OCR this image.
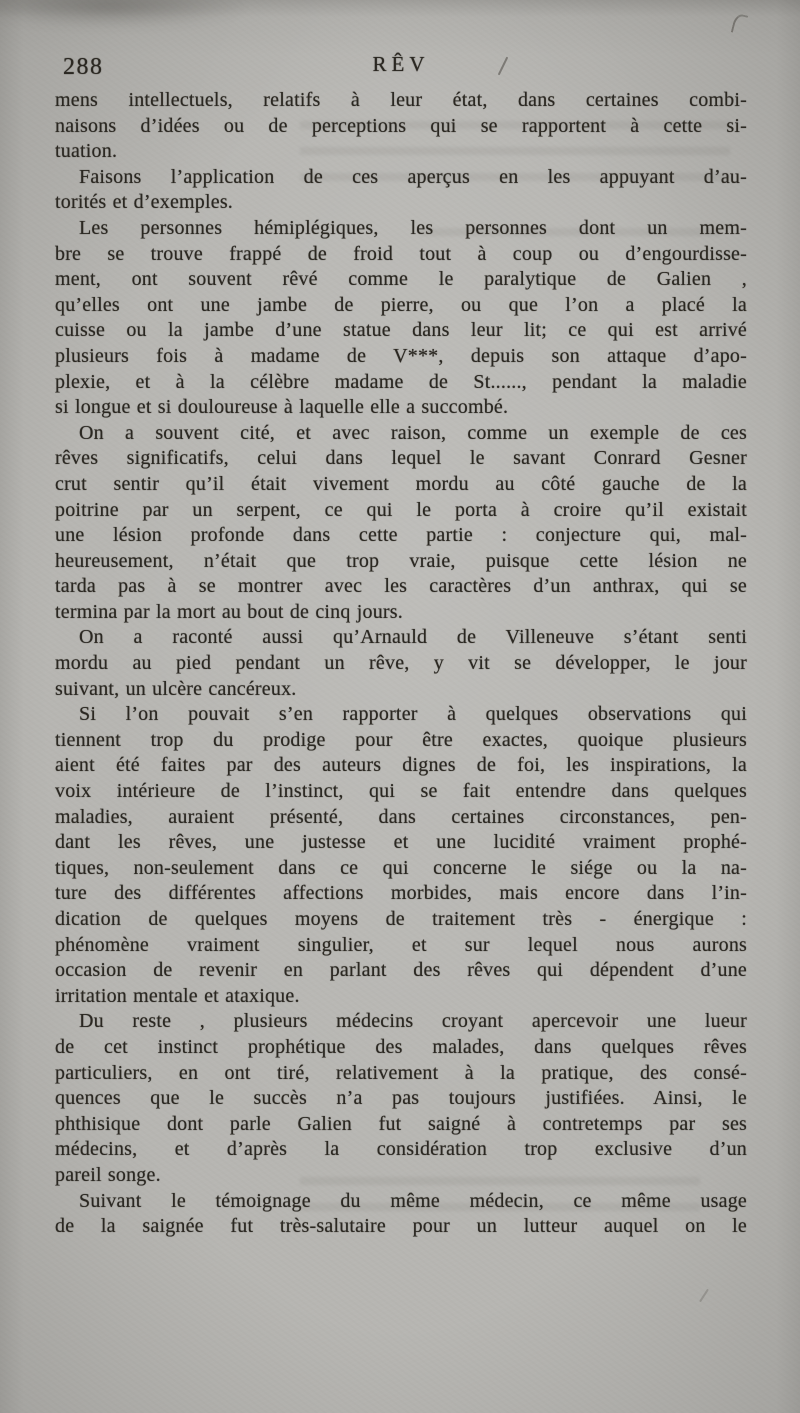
288	RÊV
mens intellectuels, relatifs à leur état, dans certaines combi-
naisons d’idées ou de perceptions qui se rapportent à cette si-
tuation.
Faisons l’application de ces aperçus en les appuyant d’au-
torités et d’exemples.
Les personnes hémiplégiques, les personnes dont un mem-
bre se trouve frappé de froid tout à coup ou d’engourdisse-
ment, ont souvent rêvé comme le paralytique de Galien ,
qu’elles ont une jambe de pierre, ou que l’on a placé la
cuisse ou la jambe d’une statue dans leur lit; ce qui est arrivé
plusieurs fois à madame de V***, depuis son attaque d’apo-
plexie, et à la célèbre madame de St......, pendant la maladie
si longue et si douloureuse à laquelle elle a succombé.
On a souvent cité, et avec raison, comme un exemple de ces
rêves significatifs, celui dans lequel le savant Conrard Gesner
crut sentir qu’il était vivement mordu au côté gauche de la
poitrine par un serpent, ce qui le porta à croire qu’il existait
une lésion profonde dans cette partie : conjecture qui, mal-
heureusement, n’était que trop vraie, puisque cette lésion ne
tarda pas à se montrer avec les caractères d’un anthrax, qui se
termina par la mort au bout de cinq jours.
On a raconté aussi qu’Arnauld de Villeneuve s’étant senti
mordu au pied pendant un rêve, y vit se développer, le jour
suivant, un ulcère cancéreux.
Si l’on pouvait s’en rapporter à quelques observations qui
tiennent trop du prodige pour être exactes, quoique plusieurs
aient été faites par des auteurs dignes de foi, les inspirations, la
voix intérieure de l’instinct, qui se fait entendre dans quelques
maladies, auraient présenté, dans certaines circonstances, pen-
dant les rêves, une justesse et une lucidité vraiment prophé-
tiques, non-seulement dans ce qui concerne le siége ou la na-
ture des différentes affections morbides, mais encore dans l’in-
dication de quelques moyens de traitement très - énergique :
phénomène vraiment singulier, et sur lequel nous aurons
occasion de revenir en parlant des rêves qui dépendent d’une
irritation mentale et ataxique.
Du reste , plusieurs médecins croyant apercevoir une lueur
de cet instinct prophétique des malades, dans quelques rêves
particuliers, en ont tiré, relativement à la pratique, des consé-
quences que le succès n’a pas toujours justifiées. Ainsi, le
phthisique dont parle Galien fut saigné à contretemps par ses
médecins, et d’après la considération trop exclusive d’un
pareil songe.
Suivant le témoignage du même médecin, ce même usage
de la saignée fut très-salutaire pour un lutteur auquel on le
